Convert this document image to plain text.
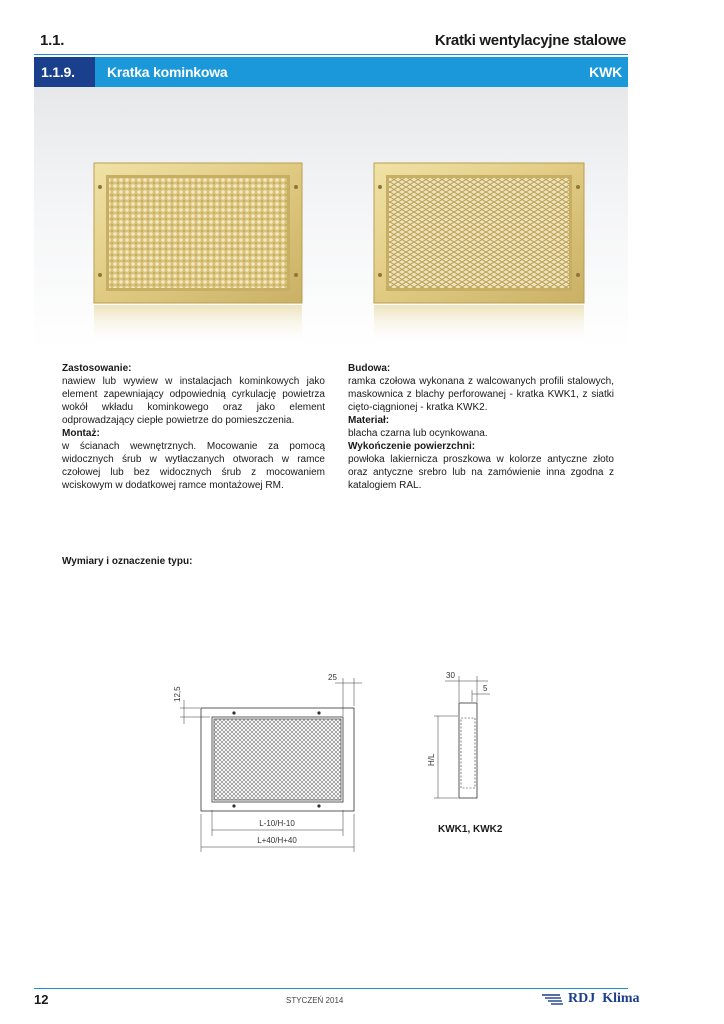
1.1.	Kratki wentylacyjne stalowe
1.1.9. Kratka kominkowa	KWK
Zastosowanie:
nawiew lub wywiew w instalacjach kominkowych jako element zapewniający odpowiednią cyrkulację powietrza wokół wkładu kominkowego oraz jako element odprowadzający ciepłe powietrze do pomieszczenia.
Montaż:
w ścianach wewnętrznych. Mocowanie za pomocą widocznych śrub w wytłaczanych otworach w ramce czołowej lub bez widocznych śrub z mocowaniem wciskowym w dodatkowej ramce montażowej RM.
Budowa:
ramka czołowa wykonana z walcowanych profili stalowych, maskownica z blachy perforowanej - kratka KWK1, z siatki cięto-ciągnionej - kratka KWK2.
Materiał:
blacha czarna lub ocynkowana.
Wykończenie powierzchni:
powłoka lakiernicza proszkowa w kolorze antyczne złoto oraz antyczne srebro lub na zamówienie inna zgodna z katalogiem RAL.
Wymiary i oznaczenie typu:
25
12,5
L-10/H-10
L+40/H+40
30
5
H/L
KWK1, KWK2
12	STYCZEŃ 2014	RDJ  Klima
